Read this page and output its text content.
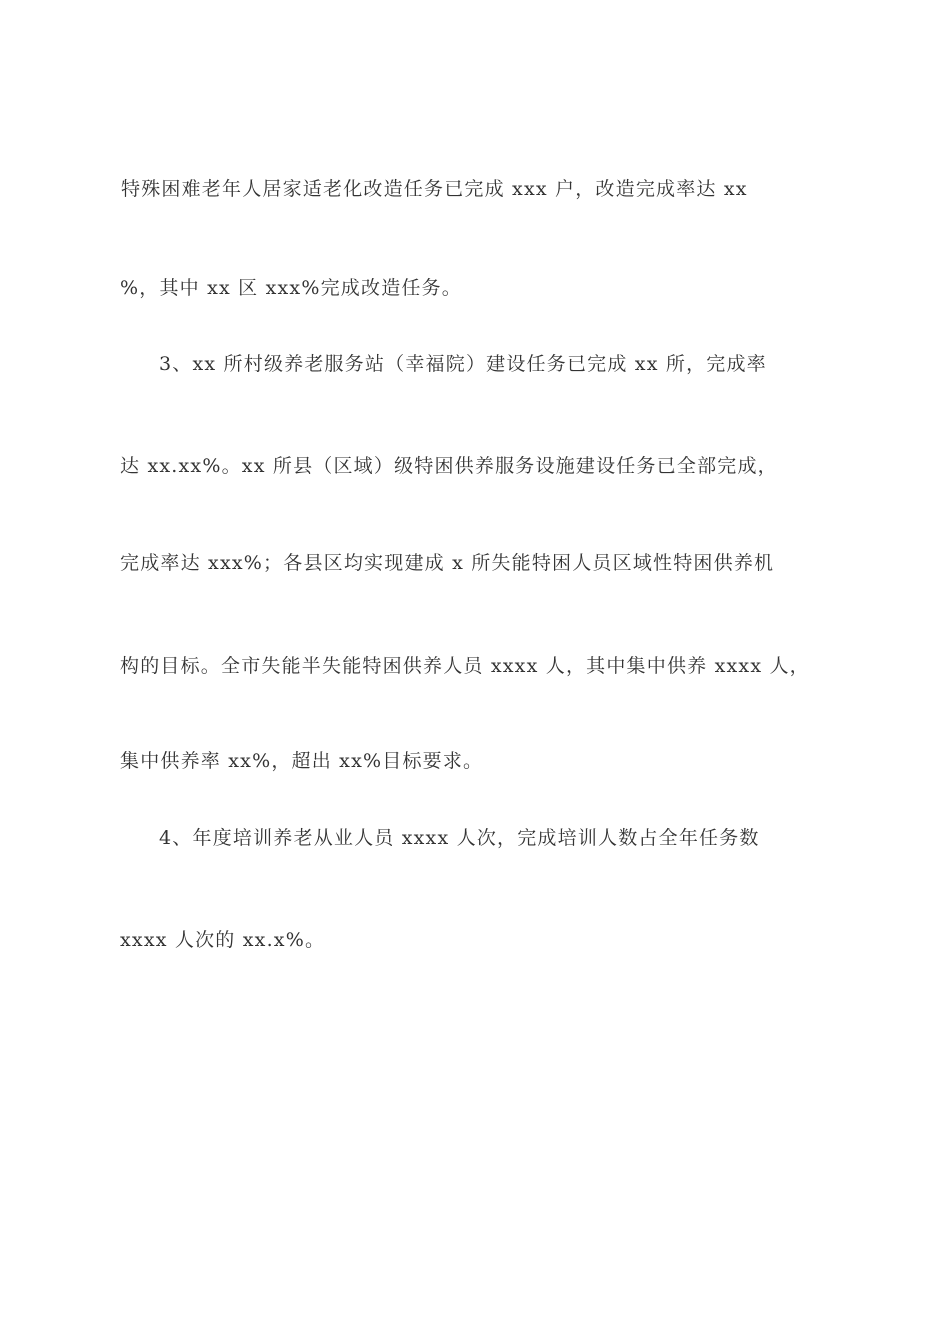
特殊困难老年人居家适老化改造任务已完成 xxx 户，改造完成率达 xx
%，其中 xx 区 xxx%完成改造任务。
3、xx 所村级养老服务站（幸福院）建设任务已完成 xx 所，完成率
达 xx.xx%。xx 所县（区域）级特困供养服务设施建设任务已全部完成，
完成率达 xxx%；各县区均实现建成 x 所失能特困人员区域性特困供养机
构的目标。全市失能半失能特困供养人员 xxxx 人，其中集中供养 xxxx 人，
集中供养率 xx%，超出 xx%目标要求。
4、年度培训养老从业人员 xxxx 人次，完成培训人数占全年任务数
xxxx 人次的 xx.x%。
